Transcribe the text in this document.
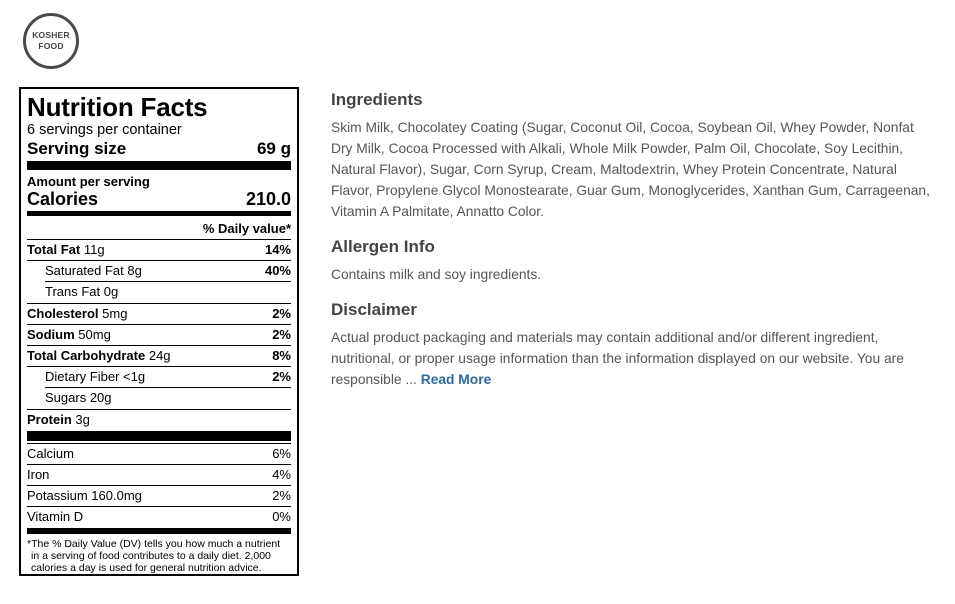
KOSHER
FOOD
Nutrition Facts
6 servings per container
Serving size	69 g
Amount per serving
Calories	210.0
% Daily value*
Total Fat 11g	14%
Saturated Fat 8g	40%
Trans Fat 0g
Cholesterol 5mg	2%
Sodium 50mg	2%
Total Carbohydrate 24g	8%
Dietary Fiber <1g	2%
Sugars 20g
Protein 3g
Calcium	6%
Iron	4%
Potassium 160.0mg	2%
Vitamin D	0%
*The % Daily Value (DV) tells you how much a nutrient
in a serving of food contributes to a daily diet. 2,000
calories a day is used for general nutrition advice.
Ingredients

Skim Milk, Chocolatey Coating (Sugar, Coconut Oil, Cocoa, Soybean Oil, Whey Powder, Nonfat Dry Milk, Cocoa Processed with Alkali, Whole Milk Powder, Palm Oil, Chocolate, Soy Lecithin, Natural Flavor), Sugar, Corn Syrup, Cream, Maltodextrin, Whey Protein Concentrate, Natural Flavor, Propylene Glycol Monostearate, Guar Gum, Monoglycerides, Xanthan Gum, Carrageenan, Vitamin A Palmitate, Annatto Color.

Allergen Info

Contains milk and soy ingredients.

Disclaimer

Actual product packaging and materials may contain additional and/or different ingredient, nutritional, or proper usage information than the information displayed on our website. You are responsible ... Read More
